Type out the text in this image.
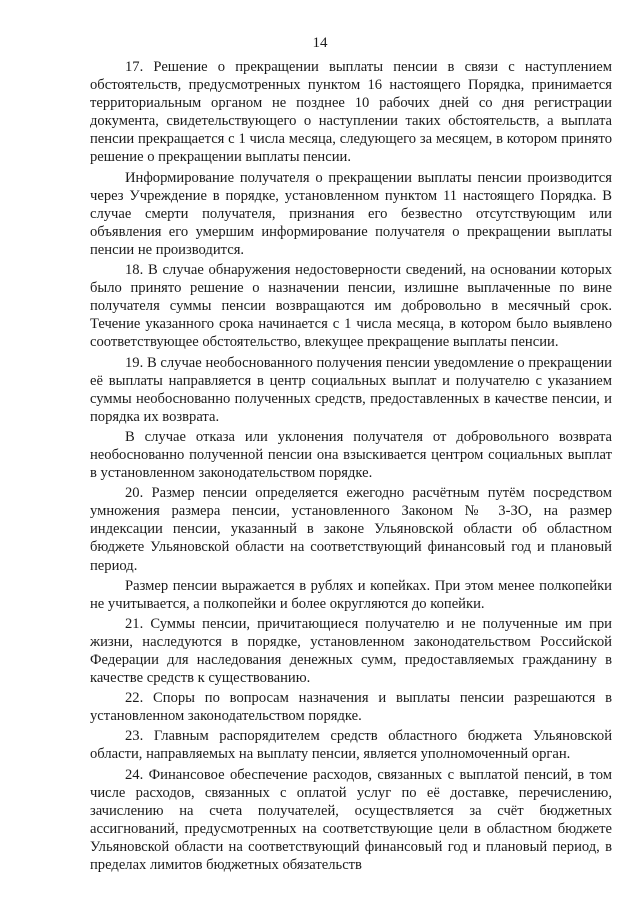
14

17. Решение о прекращении выплаты пенсии в связи с наступлением обстоятельств, предусмотренных пунктом 16 настоящего Порядка, принимается территориальным органом не позднее 10 рабочих дней со дня регистрации документа, свидетельствующего о наступлении таких обстоятельств, а выплата пенсии прекращается с 1 числа месяца, следующего за месяцем, в котором принято решение о прекращении выплаты пенсии.

Информирование получателя о прекращении выплаты пенсии производится через Учреждение в порядке, установленном пунктом 11 настоящего Порядка. В случае смерти получателя, признания его безвестно отсутствующим или объявления его умершим информирование получателя о прекращении выплаты пенсии не производится.

18. В случае обнаружения недостоверности сведений, на основании которых было принято решение о назначении пенсии, излишне выплаченные по вине получателя суммы пенсии возвращаются им добровольно в месячный срок. Течение указанного срока начинается с 1 числа месяца, в котором было выявлено соответствующее обстоятельство, влекущее прекращение выплаты пенсии.

19. В случае необоснованного получения пенсии уведомление о прекращении её выплаты направляется в центр социальных выплат и получателю с указанием суммы необоснованно полученных средств, предоставленных в качестве пенсии, и порядка их возврата.

В случае отказа или уклонения получателя от добровольного возврата необоснованно полученной пенсии она взыскивается центром социальных выплат в установленном законодательством порядке.

20. Размер пенсии определяется ежегодно расчётным путём посредством умножения размера пенсии, установленного Законом № 3-ЗО, на размер индексации пенсии, указанный в законе Ульяновской области об областном бюджете Ульяновской области на соответствующий финансовый год и плановый период.

Размер пенсии выражается в рублях и копейках. При этом менее полкопейки не учитывается, а полкопейки и более округляются до копейки.

21. Суммы пенсии, причитающиеся получателю и не полученные им при жизни, наследуются в порядке, установленном законодательством Российской Федерации для наследования денежных сумм, предоставляемых гражданину в качестве средств к существованию.

22. Споры по вопросам назначения и выплаты пенсии разрешаются в установленном законодательством порядке.

23. Главным распорядителем средств областного бюджета Ульяновской области, направляемых на выплату пенсии, является уполномоченный орган.

24. Финансовое обеспечение расходов, связанных с выплатой пенсий, в том числе расходов, связанных с оплатой услуг по её доставке, перечислению, зачислению на счета получателей, осуществляется за счёт бюджетных ассигнований, предусмотренных на соответствующие цели в областном бюджете Ульяновской области на соответствующий финансовый год и плановый период, в пределах лимитов бюджетных обязательств
